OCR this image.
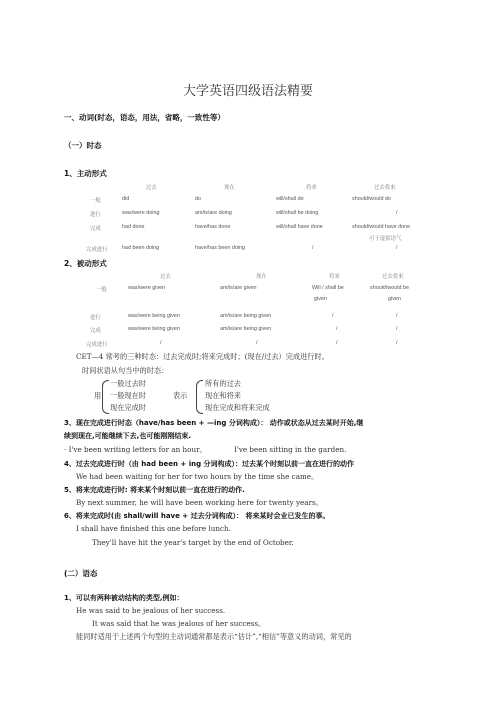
大学英语四级语法精要
一、动词(时态，语态，用法，省略，一致性等）
（一）时态
1、主动形式
过去	现在	将来	过去将来
一般	did	do	will/shall do	should/would do
进行	was/were doing	am/is/are doing	will/shall be doing	/
完成	had done	have/has done	will/shall have done	should/would have done
可于虚拟语气
完成进行	had been doing	have/has been doing	/	/
2、被动形式
过去	现在	将来	过去将来
一般	was/were given	am/is/are given	Will / shall be	should/would be
given	given
进行	was/were being given	am/is/are being given	/	/
完成	was/were being given	am/is/are being given	/	/
完成进行	/	/	/	/
CET—4 常考的三种时态：过去完成时;将来完成时；(现在/过去）完成进行时。
时间状语从句当中的时态：
用
一般过去时
一般现在时
现在完成时
表示
所有的过去
现在和将来
现在完成和将来完成
3、现在完成进行时态（have/has been + —ing 分词构成）： 动作或状态从过去某时开始,继
续到现在,可能继续下去,也可能刚刚结束.
· I've been writing letters for an hour。	I've been sitting in the garden.
4、过去完成进行时（由 had been + ing 分词构成）：过去某个时刻以前一直在进行的动作
We had been waiting for her for two hours by the time she came。
5、将来完成进行时: 将来某个时刻以前一直在进行的动作.
By next summer, he will have been working here for twenty years。
6、将来完成时(由 shall/will have + 过去分词构成）： 将来某时会业已发生的事。
I shall have finished this one before lunch.
They'll have hit the year's target by the end of October.
(二）语态
1、可以有两种被动结构的类型,例如：
He was said to be jealous of her success.
It was said that he was jealous of her success。
能同时适用于上述两个句型的主动词通常都是表示“估计”,“相信”等意义的动词，常见的
